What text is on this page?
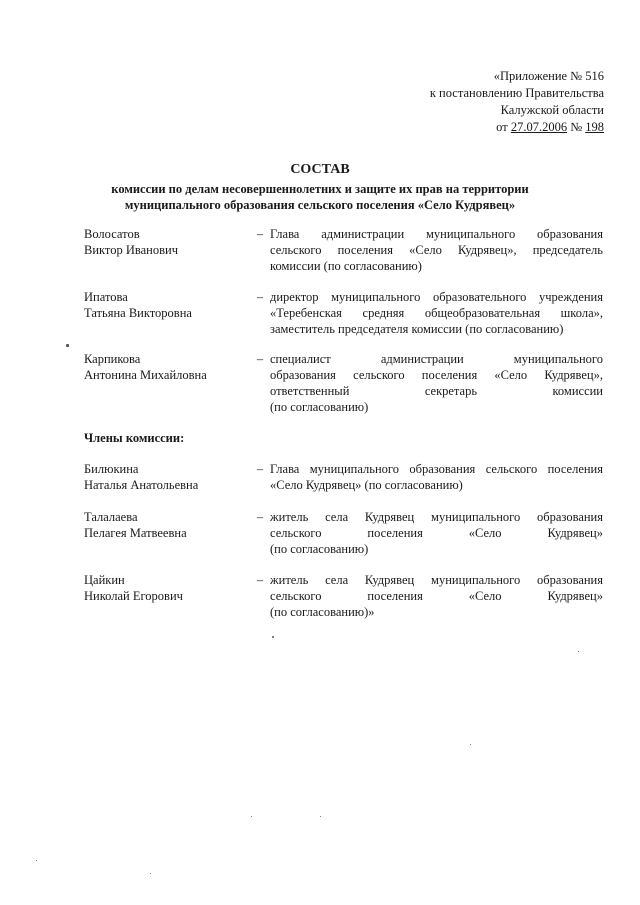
«Приложение № 516
к постановлению Правительства
Калужской области
от 27.07.2006 № 198
СОСТАВ
комиссии по делам несовершеннолетних и защите их прав на территории
муниципального образования сельского поселения «Село Кудрявец»
Волосатов
Виктор Иванович
– Глава администрации муниципального образования
сельского поселения «Село Кудрявец», председатель
комиссии (по согласованию)
Ипатова
Татьяна Викторовна
– директор муниципального образовательного учреждения
«Теребенская средняя общеобразовательная школа»,
заместитель председателя комиссии (по согласованию)
Карпикова
Антонина Михайловна
– специалист администрации муниципального
образования сельского поселения «Село Кудрявец»,
ответственный секретарь комиссии
(по согласованию)
Члены комиссии:
Билюкина
Наталья Анатольевна
– Глава муниципального образования сельского поселения
«Село Кудрявец» (по согласованию)
Талалаева
Пелагея Матвеевна
– житель села Кудрявец муниципального образования
сельского поселения «Село Кудрявец»
(по согласованию)
Цайкин
Николай Егорович
– житель села Кудрявец муниципального образования
сельского поселения «Село Кудрявец»
(по согласованию)»
